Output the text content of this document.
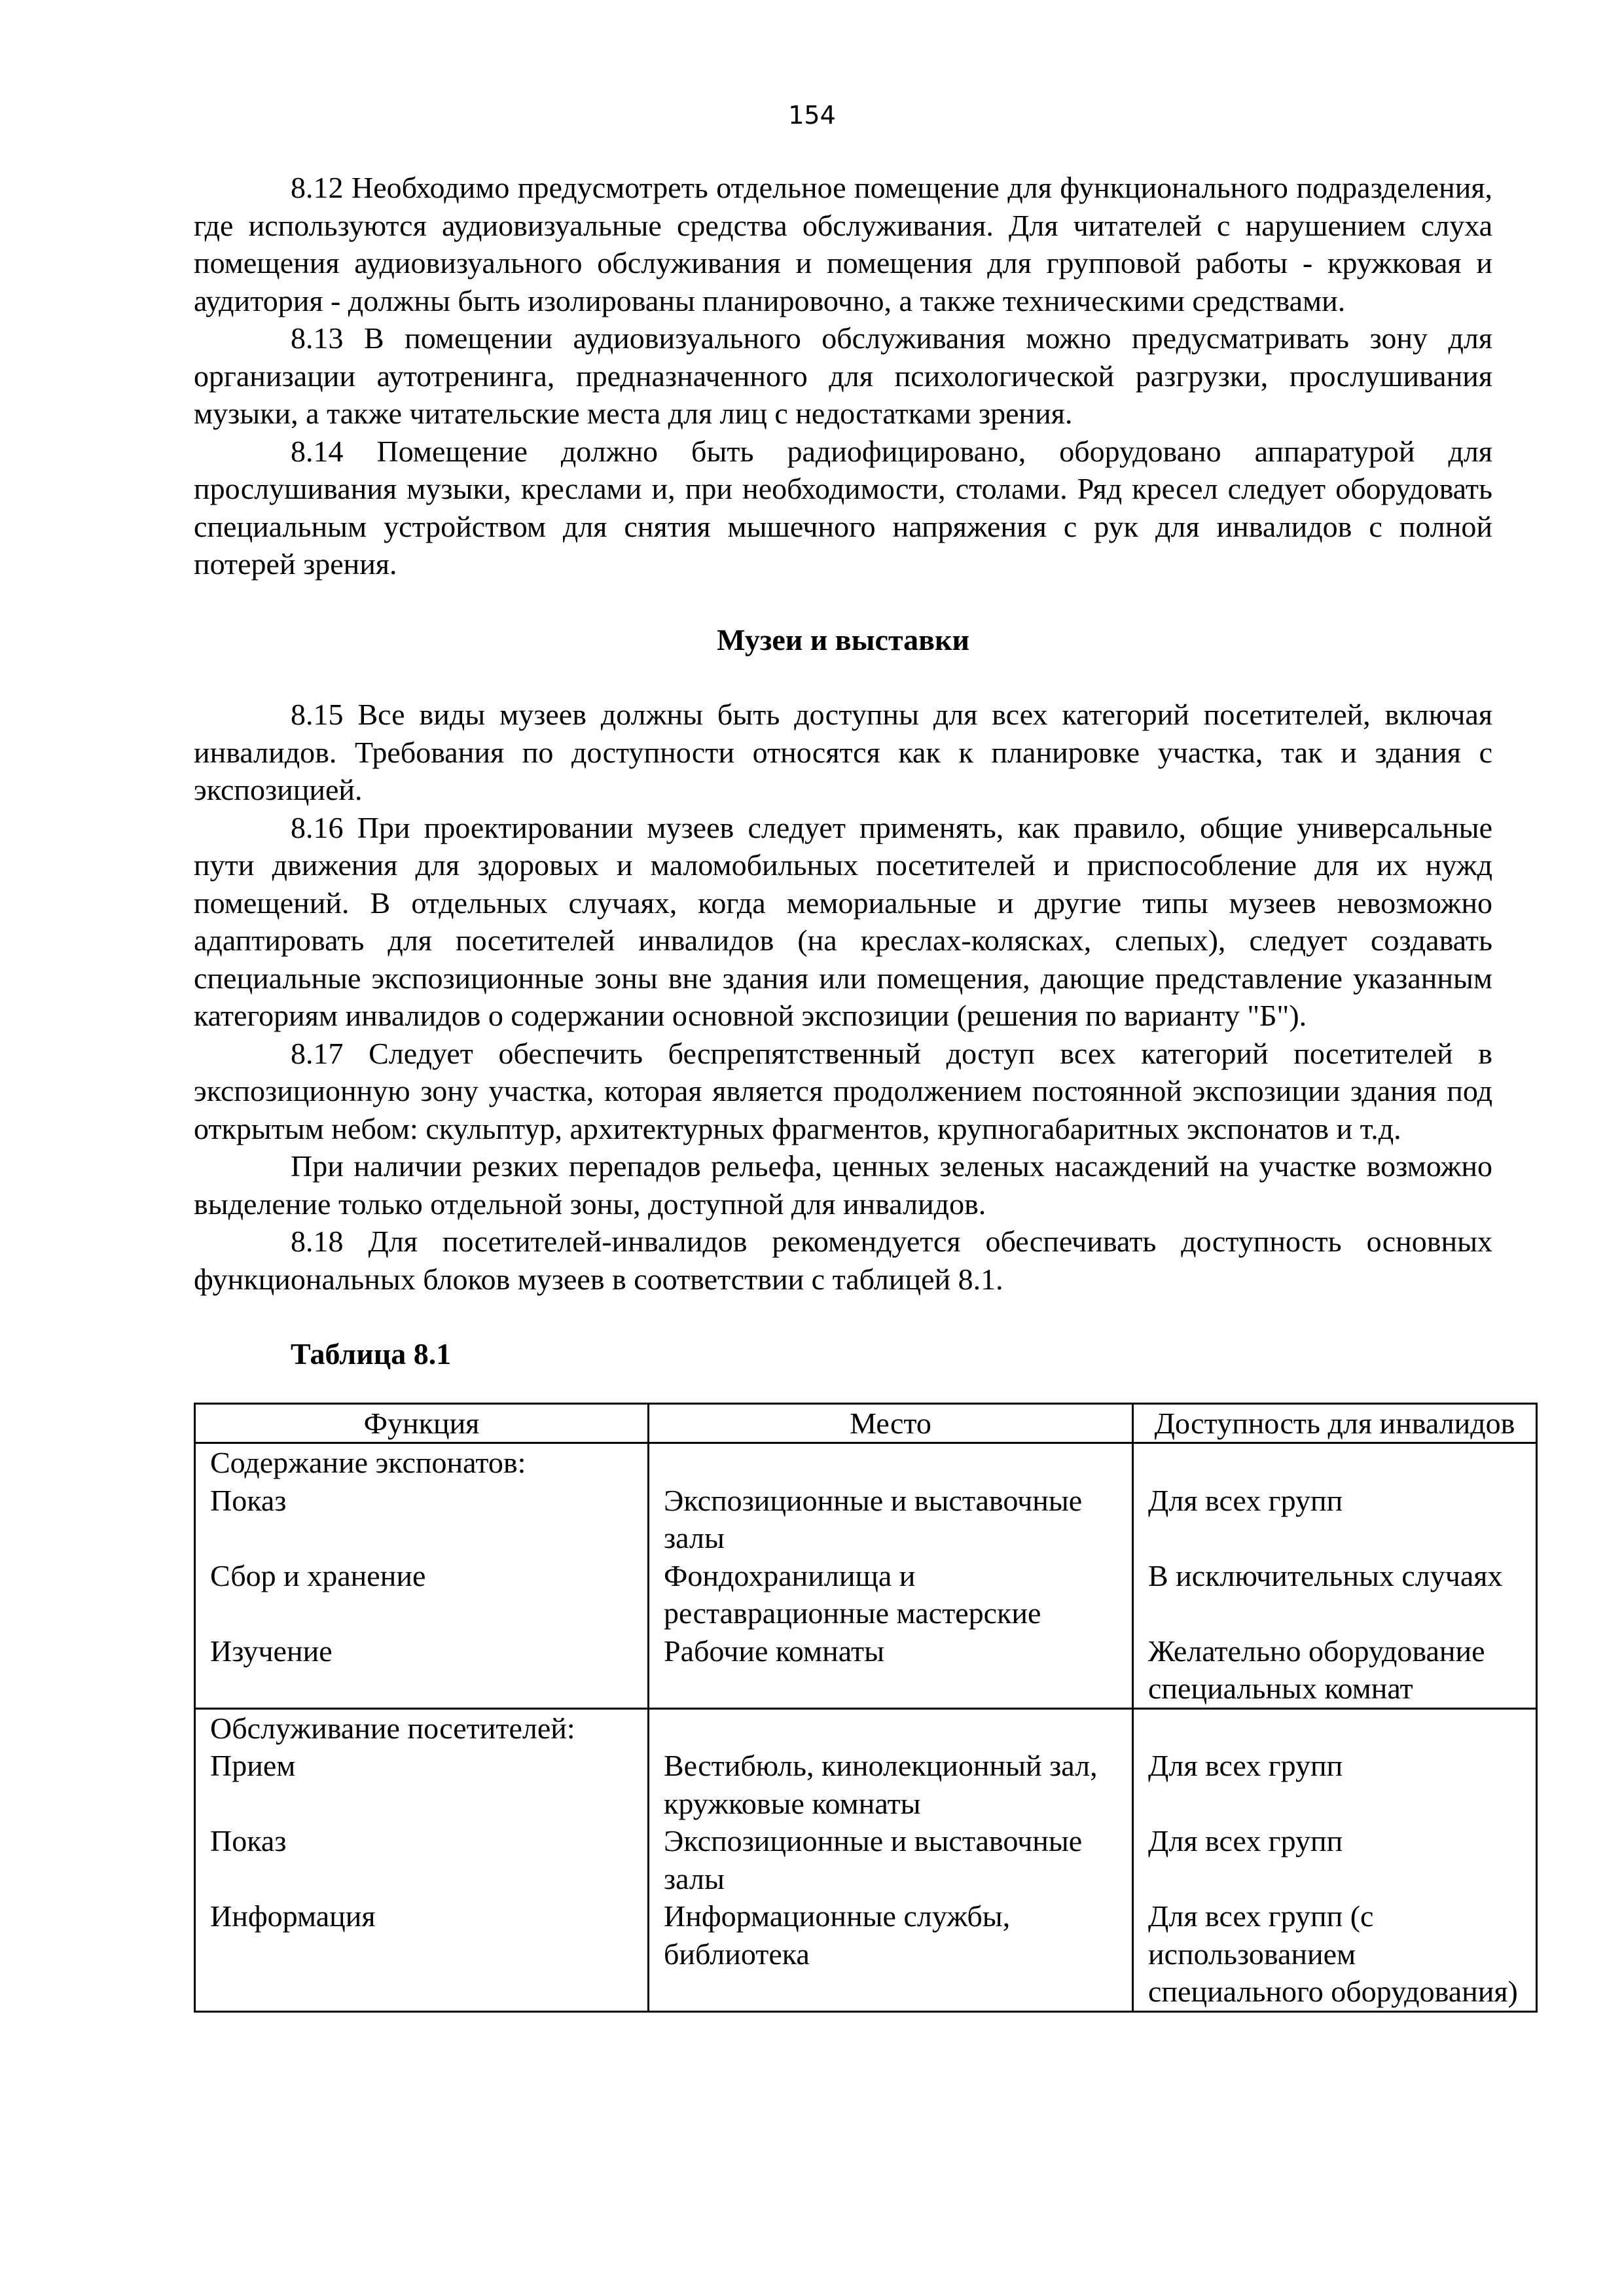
154

8.12 Необходимо предусмотреть отдельное помещение для функционального подразделения, где используются аудиовизуальные средства обслуживания. Для читателей с нарушением слуха помещения аудиовизуального обслуживания и помещения для групповой работы - кружковая и аудитория - должны быть изолированы планировочно, а также техническими средствами.

8.13 В помещении аудиовизуального обслуживания можно предусматривать зону для организации аутотренинга, предназначенного для психологической разгрузки, прослушивания музыки, а также читательские места для лиц с недостатками зрения.

8.14 Помещение должно быть радиофицировано, оборудовано аппаратурой для прослушивания музыки, креслами и, при необходимости, столами. Ряд кресел следует оборудовать специальным устройством для снятия мышечного напряжения с рук для инвалидов с полной потерей зрения.

Музеи и выставки

8.15 Все виды музеев должны быть доступны для всех категорий посетителей, включая инвалидов. Требования по доступности относятся как к планировке участка, так и здания с экспозицией.

8.16 При проектировании музеев следует применять, как правило, общие универсальные пути движения для здоровых и маломобильных посетителей и приспособление для их нужд помещений. В отдельных случаях, когда мемориальные и другие типы музеев невозможно адаптировать для посетителей инвалидов (на креслах-колясках, слепых), следует создавать специальные экспозиционные зоны вне здания или помещения, дающие представление указанным категориям инвалидов о содержании основной экспозиции (решения по варианту "Б").

8.17 Следует обеспечить беспрепятственный доступ всех категорий посетителей в экспозиционную зону участка, которая является продолжением постоянной экспозиции здания под открытым небом: скульптур, архитектурных фрагментов, крупногабаритных экспонатов и т.д.

При наличии резких перепадов рельефа, ценных зеленых насаждений на участке возможно выделение только отдельной зоны, доступной для инвалидов.

8.18 Для посетителей-инвалидов рекомендуется обеспечивать доступность основных функциональных блоков музеев в соответствии с таблицей 8.1.

Таблица 8.1

Функция	Место	Доступность для инвалидов
Содержание экспонатов:		
Показ	Экспозиционные и выставочные залы	Для всех групп
Сбор и хранение	Фондохранилища и реставрационные мастерские	В исключительных случаях
Изучение	Рабочие комнаты	Желательно оборудование специальных комнат
Обслуживание посетителей:		
Прием	Вестибюль, кинолекционный зал, кружковые комнаты	Для всех групп
Показ	Экспозиционные и выставочные залы	Для всех групп
Информация	Информационные службы, библиотека	Для всех групп (с использованием специального оборудования)
